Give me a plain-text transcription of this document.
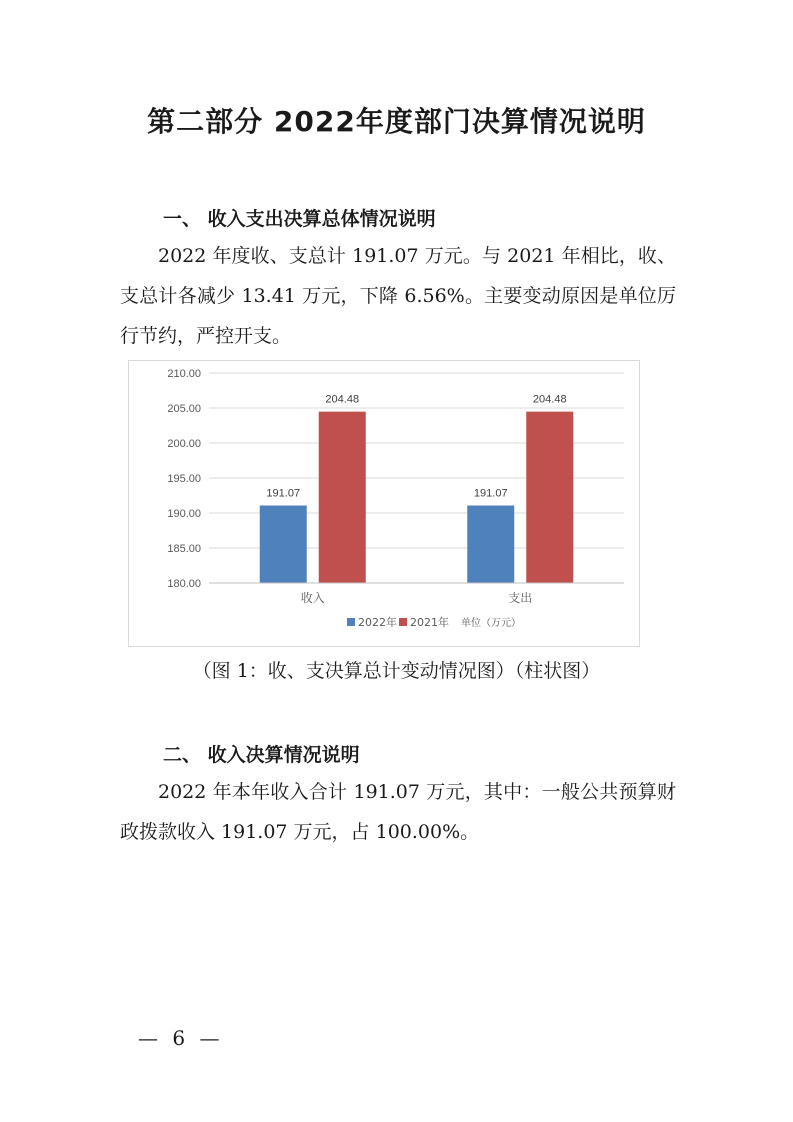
第二部分 2022年度部门决算情况说明
一、 收入支出决算总体情况说明

2022 年度收、支总计 191.07 万元。与 2021 年相比，收、支总计各减少 13.41 万元，下降 6.56%。主要变动原因是单位厉行节约，严控开支。

180.00
185.00
190.00
195.00
200.00
205.00
210.00
191.07
204.48
收入
191.07
204.48
支出
2022年 2021年 单位（万元）
（图 1：收、支决算总计变动情况图）（柱状图）
二、 收入决算情况说明

2022 年本年收入合计 191.07 万元，其中：一般公共预算财政拨款收入 191.07 万元，占 100.00%。

— 6 —
